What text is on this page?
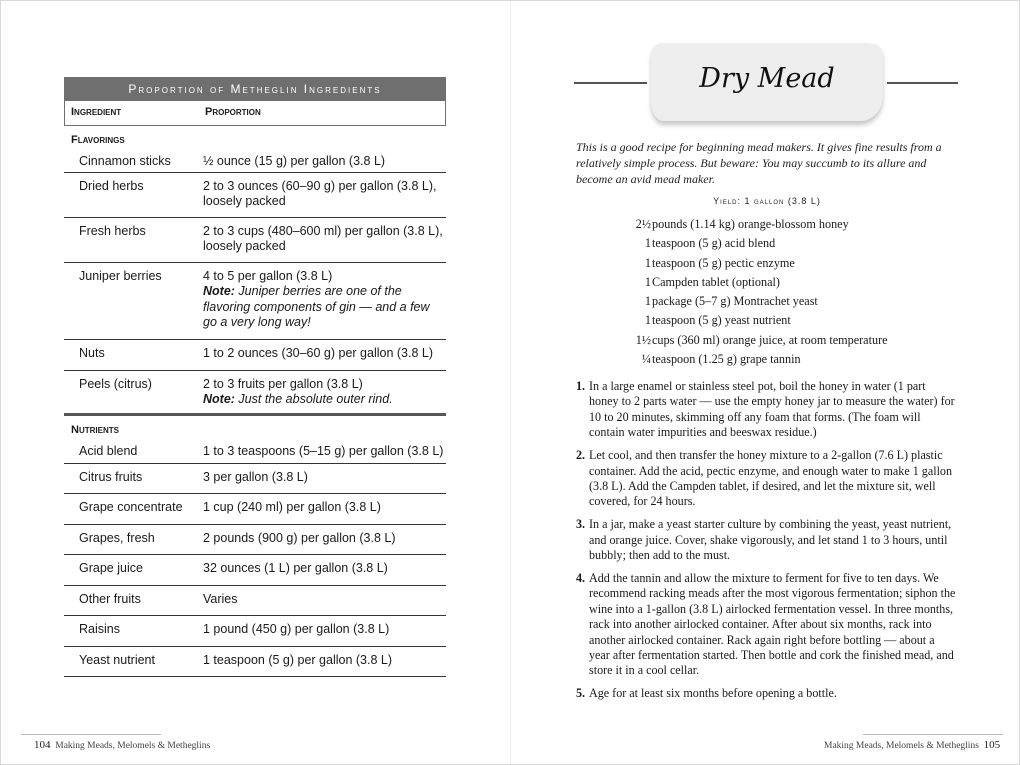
Proportion of Metheglin Ingredients
Ingredient	Proportion
Flavorings
Cinnamon sticks	½ ounce (15 g) per gallon (3.8 L)
Dried herbs	2 to 3 ounces (60–90 g) per gallon (3.8 L), loosely packed
Fresh herbs	2 to 3 cups (480–600 ml) per gallon (3.8 L), loosely packed
Juniper berries	4 to 5 per gallon (3.8 L)
Note: Juniper berries are one of the flavoring components of gin — and a few go a very long way!
Nuts	1 to 2 ounces (30–60 g) per gallon (3.8 L)
Peels (citrus)	2 to 3 fruits per gallon (3.8 L)
Note: Just the absolute outer rind.
Nutrients
Acid blend	1 to 3 teaspoons (5–15 g) per gallon (3.8 L)
Citrus fruits	3 per gallon (3.8 L)
Grape concentrate 1 cup (240 ml) per gallon (3.8 L)
Grapes, fresh	2 pounds (900 g) per gallon (3.8 L)
Grape juice	32 ounces (1 L) per gallon (3.8 L)
Other fruits	Varies
Raisins	1 pound (450 g) per gallon (3.8 L)
Yeast nutrient	1 teaspoon (5 g) per gallon (3.8 L)
Dry Mead
This is a good recipe for beginning mead makers. It gives fine results from a relatively simple process. But beware: You may succumb to its allure and become an avid mead maker.
Yield: 1 gallon (3.8 L)
2½ pounds (1.14 kg) orange-blossom honey
1 teaspoon (5 g) acid blend
1 teaspoon (5 g) pectic enzyme
1 Campden tablet (optional)
1 package (5–7 g) Montrachet yeast
1 teaspoon (5 g) yeast nutrient
1½ cups (360 ml) orange juice, at room temperature
¼ teaspoon (1.25 g) grape tannin
1. In a large enamel or stainless steel pot, boil the honey in water (1 part honey to 2 parts water — use the empty honey jar to measure the water) for 10 to 20 minutes, skimming off any foam that forms. (The foam will contain water impurities and beeswax residue.)
2. Let cool, and then transfer the honey mixture to a 2-gallon (7.6 L) plastic container. Add the acid, pectic enzyme, and enough water to make 1 gallon (3.8 L). Add the Campden tablet, if desired, and let the mixture sit, well covered, for 24 hours.
3. In a jar, make a yeast starter culture by combining the yeast, yeast nutrient, and orange juice. Cover, shake vigorously, and let stand 1 to 3 hours, until bubbly; then add to the must.
4. Add the tannin and allow the mixture to ferment for five to ten days. We recommend racking meads after the most vigorous fermentation; siphon the wine into a 1-gallon (3.8 L) airlocked fermentation vessel. In three months, rack into another airlocked container. After about six months, rack into another airlocked container. Rack again right before bottling — about a year after fermentation started. Then bottle and cork the finished mead, and store it in a cool cellar.
5. Age for at least six months before opening a bottle.
104 Making Meads, Melomels & Metheglins	Making Meads, Melomels & Metheglins 105
